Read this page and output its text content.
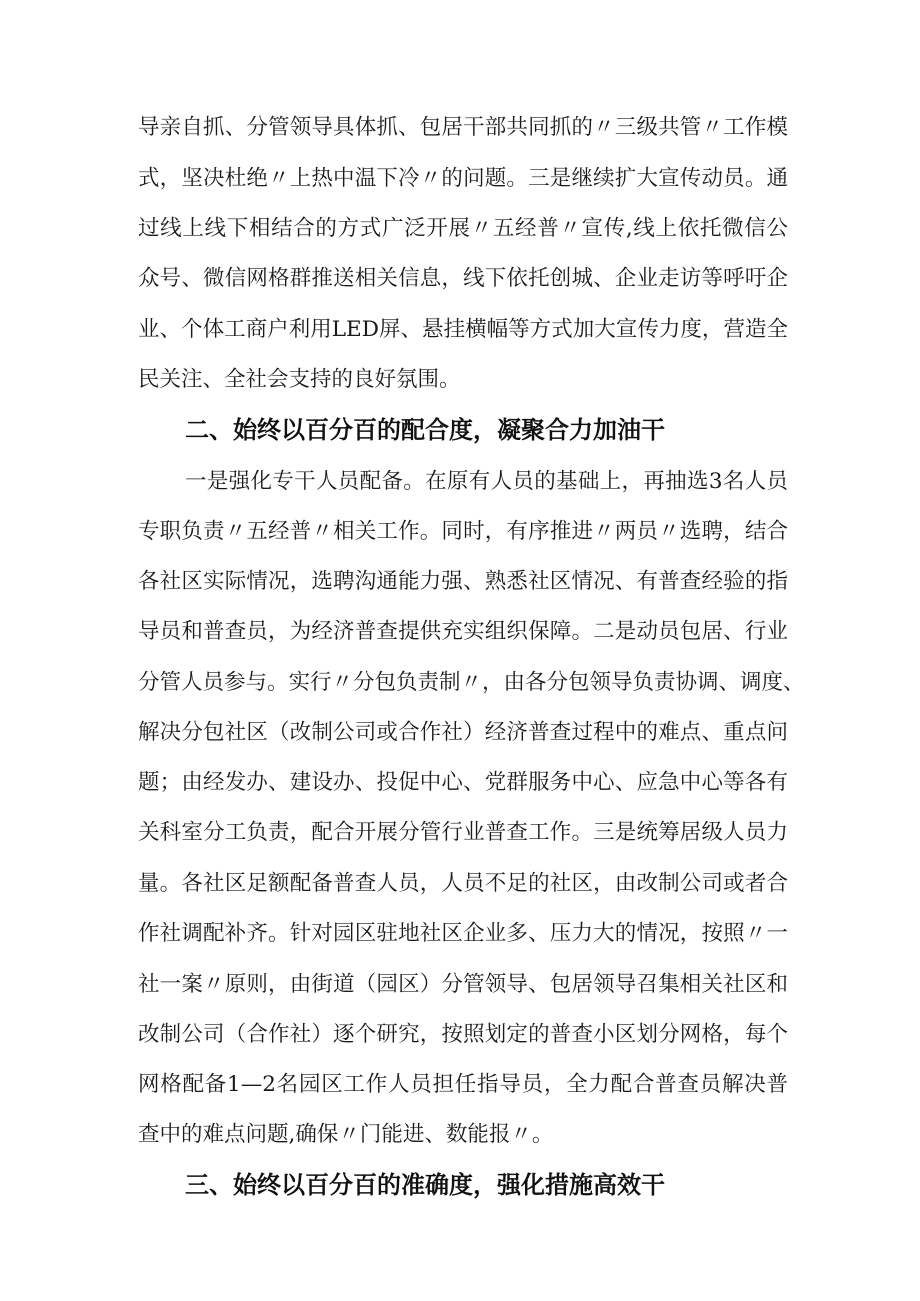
导亲自抓、分管领导具体抓、包居干部共同抓的〃三级共管〃工作模
式，坚决杜绝〃上热中温下冷〃的问题。三是继续扩大宣传动员。通
过线上线下相结合的方式广泛开展〃五经普〃宣传,线上依托微信公
众号、微信网格群推送相关信息，线下依托创城、企业走访等呼吁企
业、个体工商户利用LED屏、悬挂横幅等方式加大宣传力度，营造全
民关注、全社会支持的良好氛围。
二、始终以百分百的配合度，凝聚合力加油干
一是强化专干人员配备。在原有人员的基础上，再抽选3名人员
专职负责〃五经普〃相关工作。同时，有序推进〃两员〃选聘，结合
各社区实际情况，选聘沟通能力强、熟悉社区情况、有普查经验的指
导员和普查员，为经济普查提供充实组织保障。二是动员包居、行业
分管人员参与。实行〃分包负责制〃，由各分包领导负责协调、调度、
解决分包社区（改制公司或合作社）经济普查过程中的难点、重点问
题；由经发办、建设办、投促中心、党群服务中心、应急中心等各有
关科室分工负责，配合开展分管行业普查工作。三是统筹居级人员力
量。各社区足额配备普查人员，人员不足的社区，由改制公司或者合
作社调配补齐。针对园区驻地社区企业多、压力大的情况，按照〃一
社一案〃原则，由街道（园区）分管领导、包居领导召集相关社区和
改制公司（合作社）逐个研究，按照划定的普查小区划分网格，每个
网格配备1—2名园区工作人员担任指导员，全力配合普查员解决普
查中的难点问题,确保〃门能进、数能报〃。
三、始终以百分百的准确度，强化措施高效干
